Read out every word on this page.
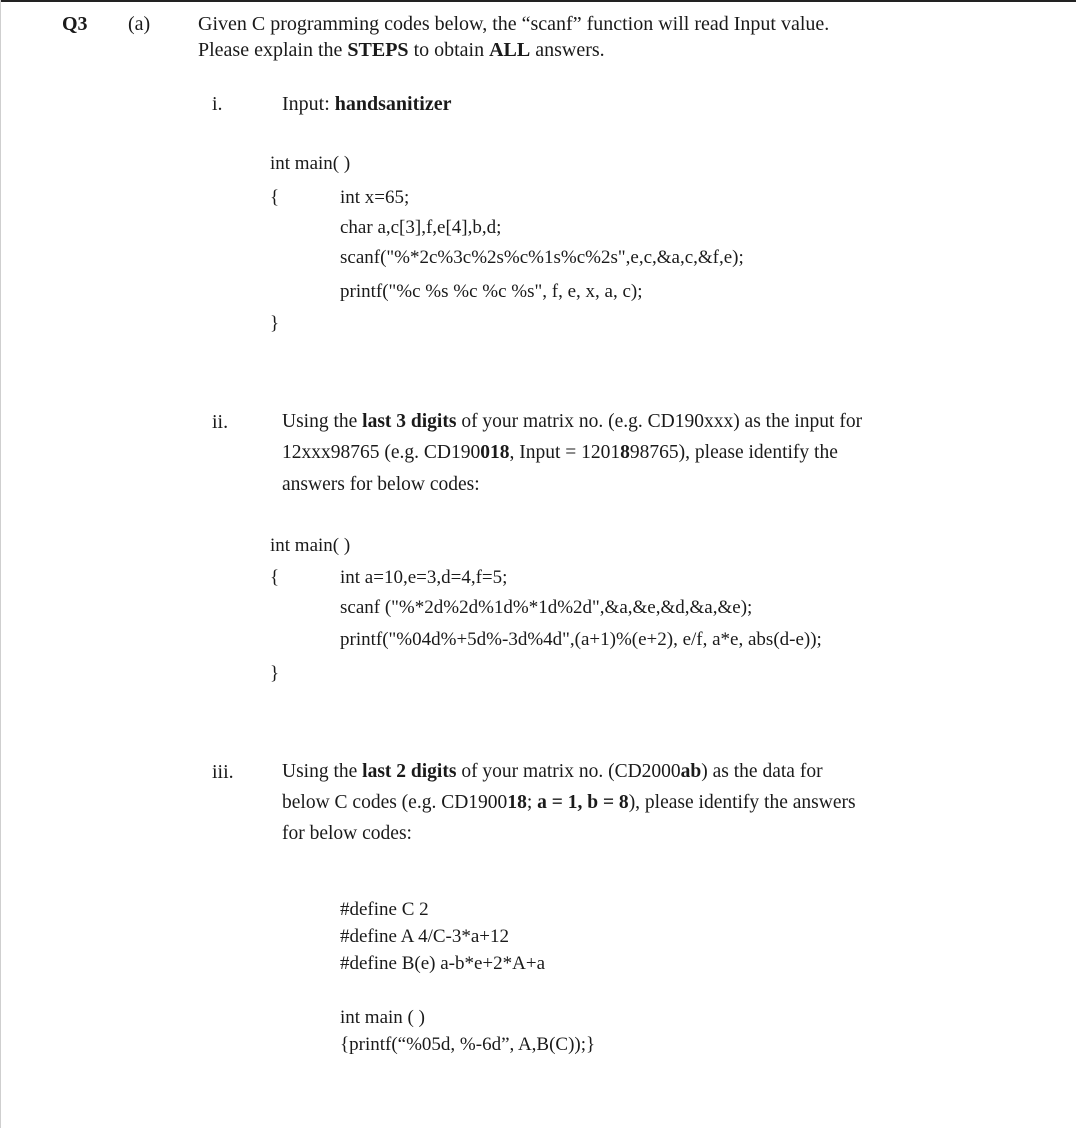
Q3 (a) Given C programming codes below, the “scanf” function will read Input value.
Please explain the STEPS to obtain ALL answers.
i.	Input: handsanitizer
int main( )
{	int x=65;
char a,c[3],f,e[4],b,d;
scanf("%*2c%3c%2s%c%1s%c%2s",e,c,&a,c,&f,e);
printf("%c %s %c %c %s", f, e, x, a, c);
}
ii.	Using the last 3 digits of your matrix no. (e.g. CD190xxx) as the input for
12xxx98765 (e.g. CD190018, Input = 1201898765), please identify the
answers for below codes:
int main( )
{	int a=10,e=3,d=4,f=5;
scanf ("%*2d%2d%1d%*1d%2d",&a,&e,&d,&a,&e);
printf("%04d%+5d%-3d%4d",(a+1)%(e+2), e/f, a*e, abs(d-e));
}
iii. Using the last 2 digits of your matrix no. (CD2000ab) as the data for
below C codes (e.g. CD190018; a = 1, b = 8), please identify the answers
for below codes:
#define C 2
#define A 4/C-3*a+12
#define B(e) a-b*e+2*A+a
int main ( )
{printf(“%05d, %-6d”, A,B(C));}
